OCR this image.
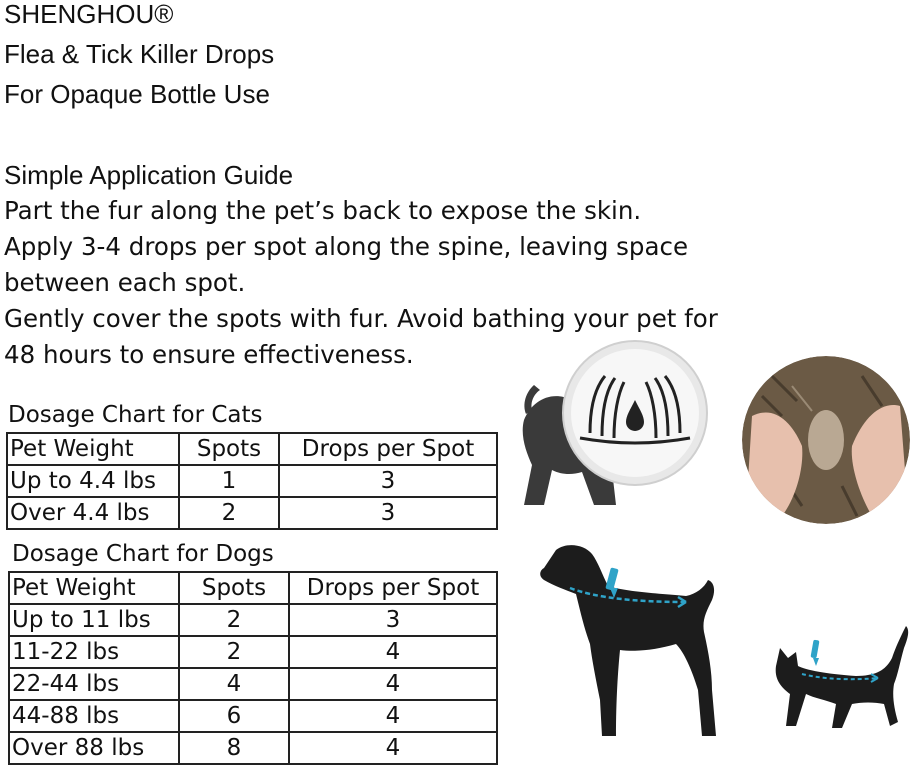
SHENGHOU®
Flea & Tick Killer Drops
For Opaque Bottle Use
Simple Application Guide
Part the fur along the pet’s back to expose the skin.
Apply 3-4 drops per spot along the spine, leaving space
between each spot.
Gently cover the spots with fur. Avoid bathing your pet for
48 hours to ensure effectiveness.
Dosage Chart for Cats
Pet Weight	Spots	Drops per Spot
Up to 4.4 lbs	1	3
Over 4.4 lbs	2	3
Dosage Chart for Dogs
Pet Weight	Spots	Drops per Spot
Up to 11 lbs	2	3
11-22 lbs	2	4
22-44 lbs	4	4
44-88 lbs	6	4
Over 88 lbs	8	4
